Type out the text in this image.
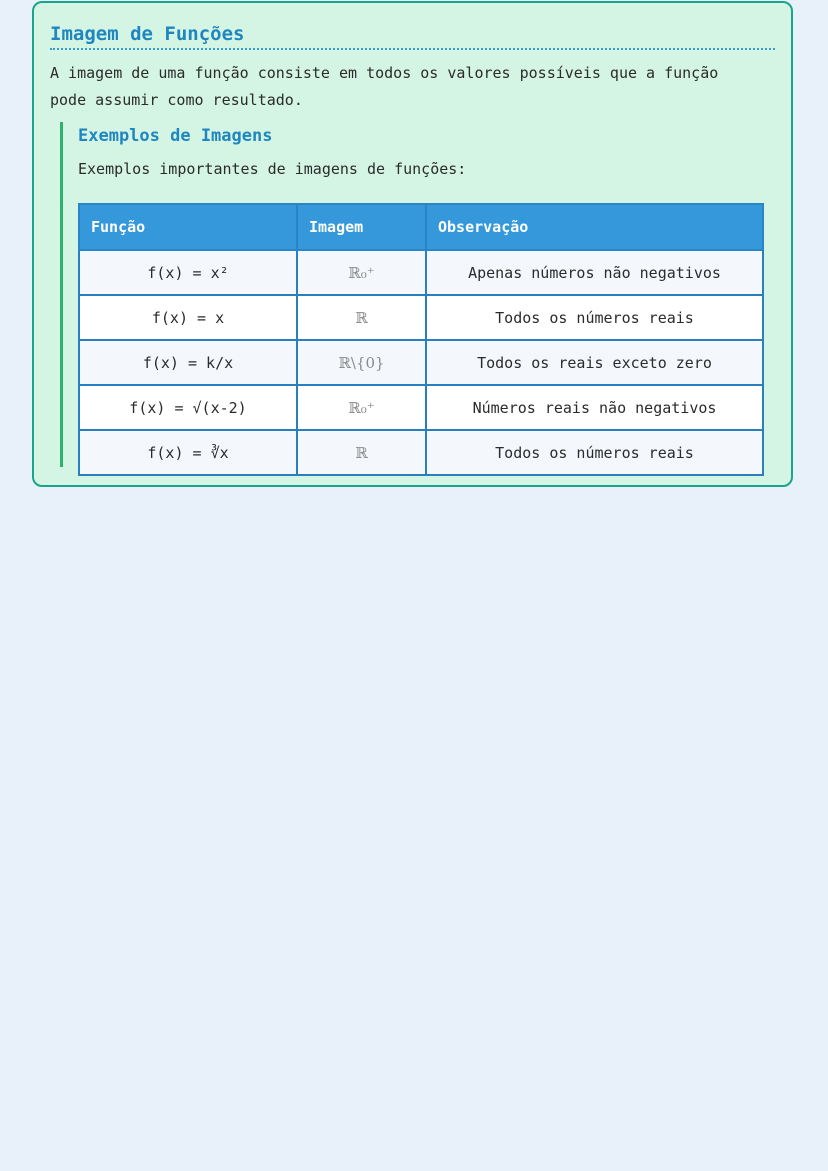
Imagem de Funções

A imagem de uma função consiste em todos os valores possíveis que a função pode assumir como resultado.

Exemplos de Imagens

Exemplos importantes de imagens de funções:

Função	Imagem	Observação
f(x) = x²	ℝ₀⁺	Apenas números não negativos
f(x) = x	ℝ	Todos os números reais
f(x) = k/x	ℝ\{0}	Todos os reais exceto zero
f(x) = √(x-2)	ℝ₀⁺	Números reais não negativos
f(x) = ∛x	ℝ	Todos os números reais
